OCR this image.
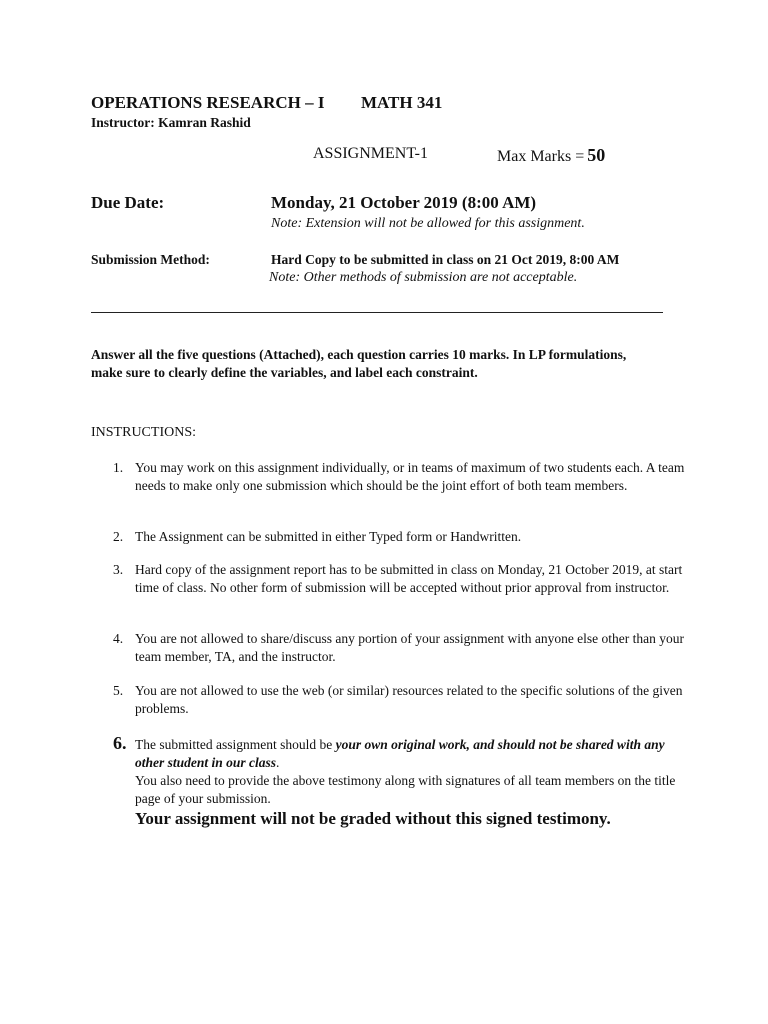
OPERATIONS RESEARCH – I MATH 341
Instructor: Kamran Rashid
ASSIGNMENT-1	Max Marks = 50
Due Date:	Monday, 21 October 2019 (8:00 AM)
Note: Extension will not be allowed for this assignment.
Submission Method:	Hard Copy to be submitted in class on 21 Oct 2019, 8:00 AM
Note: Other methods of submission are not acceptable.
Answer all the five questions (Attached), each question carries 10 marks. In LP formulations, make sure to clearly define the variables, and label each constraint.
INSTRUCTIONS:
1. You may work on this assignment individually, or in teams of maximum of two students each. A team needs to make only one submission which should be the joint effort of both team members.
2. The Assignment can be submitted in either Typed form or Handwritten.
3. Hard copy of the assignment report has to be submitted in class on Monday, 21 October 2019, at start time of class. No other form of submission will be accepted without prior approval from instructor.
4. You are not allowed to share/discuss any portion of your assignment with anyone else other than your team member, TA, and the instructor.
5. You are not allowed to use the web (or similar) resources related to the specific solutions of the given problems.
6. The submitted assignment should be your own original work, and should not be shared with any other student in our class.
You also need to provide the above testimony along with signatures of all team members on the title page of your submission.
Your assignment will not be graded without this signed testimony.
